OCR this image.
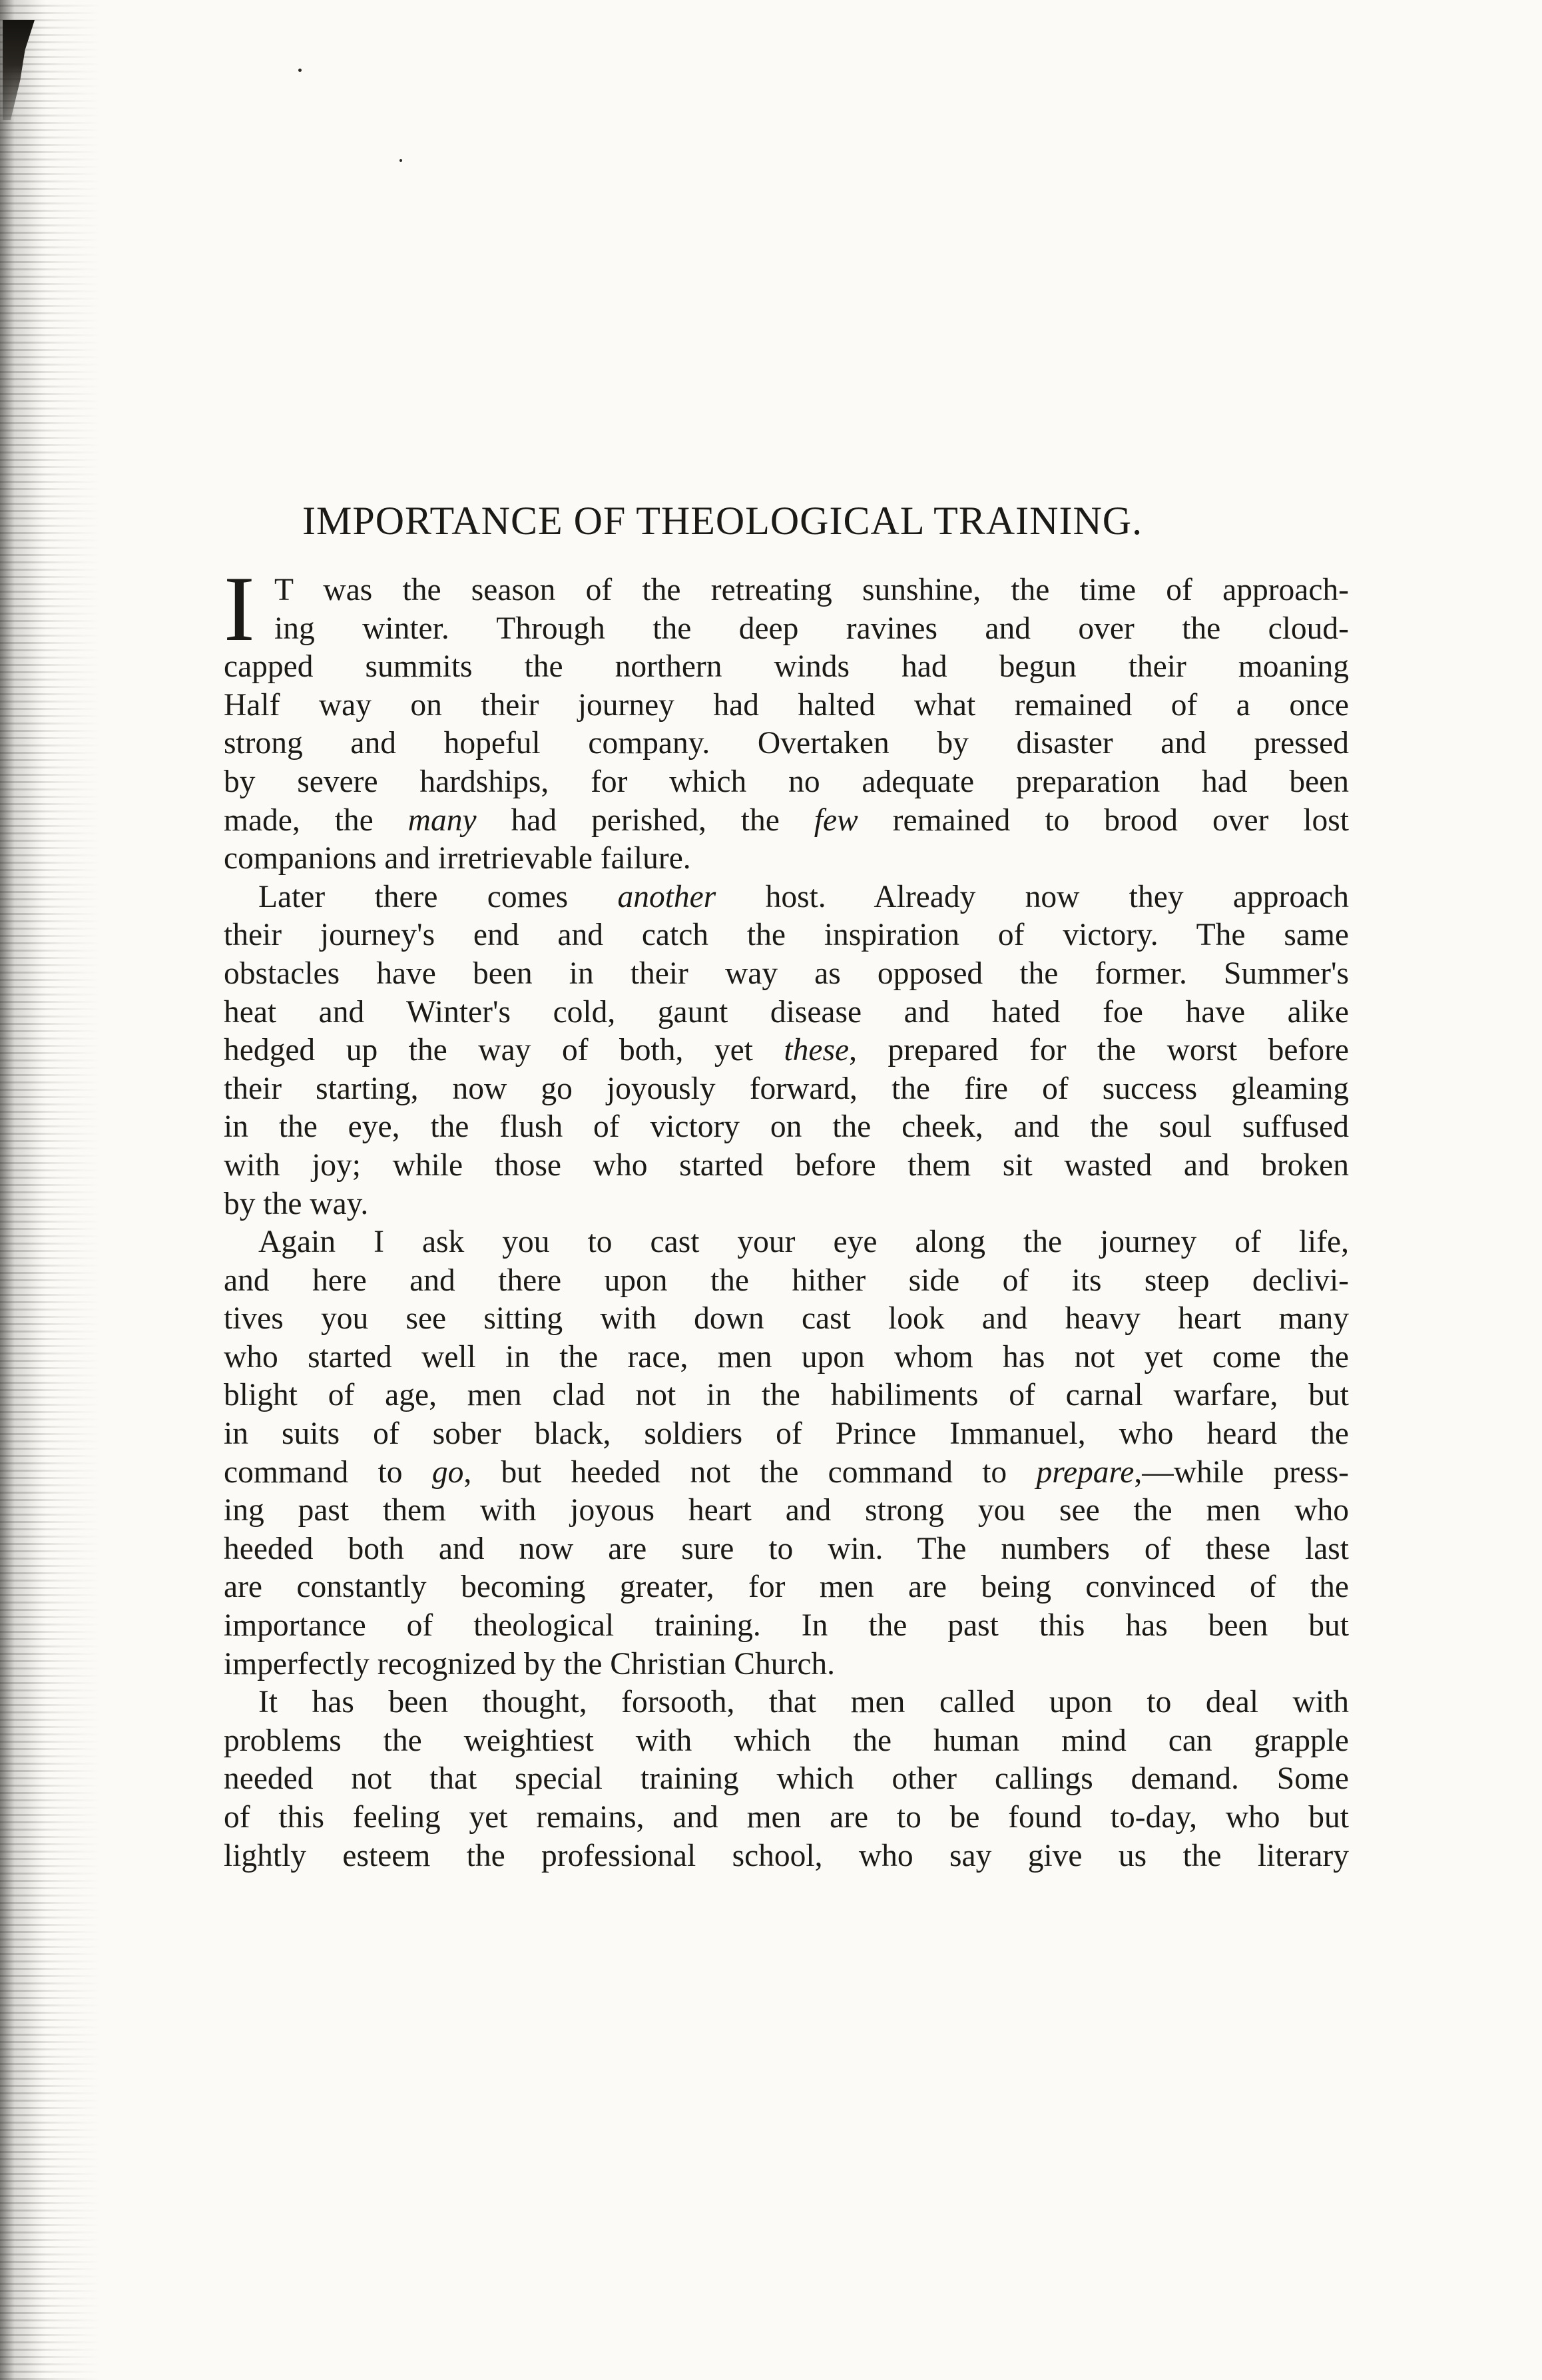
IMPORTANCE OF THEOLOGICAL TRAINING.
I T was the season of the retreating sunshine, the time of approach-
ing winter. Through the deep ravines and over the cloud-
capped summits the northern winds had begun their moaning
Half way on their journey had halted what remained of a once
strong and hopeful company. Overtaken by disaster and pressed
by severe hardships, for which no adequate preparation had been
made, the many had perished, the few remained to brood over lost
companions and irretrievable failure.
Later there comes another host. Already now they approach
their journey's end and catch the inspiration of victory. The same
obstacles have been in their way as opposed the former. Summer's
heat and Winter's cold, gaunt disease and hated foe have alike
hedged up the way of both, yet these, prepared for the worst before
their starting, now go joyously forward, the fire of success gleaming
in the eye, the flush of victory on the cheek, and the soul suffused
with joy; while those who started before them sit wasted and broken
by the way.
Again I ask you to cast your eye along the journey of life,
and here and there upon the hither side of its steep declivi-
tives you see sitting with down cast look and heavy heart many
who started well in the race, men upon whom has not yet come the
blight of age, men clad not in the habiliments of carnal warfare, but
in suits of sober black, soldiers of Prince Immanuel, who heard the
command to go, but heeded not the command to prepare,—while press-
ing past them with joyous heart and strong you see the men who
heeded both and now are sure to win. The numbers of these last
are constantly becoming greater, for men are being convinced of the
importance of theological training. In the past this has been but
imperfectly recognized by the Christian Church.
It has been thought, forsooth, that men called upon to deal with
problems the weightiest with which the human mind can grapple
needed not that special training which other callings demand. Some
of this feeling yet remains, and men are to be found to-day, who but
lightly esteem the professional school, who say give us the literary
